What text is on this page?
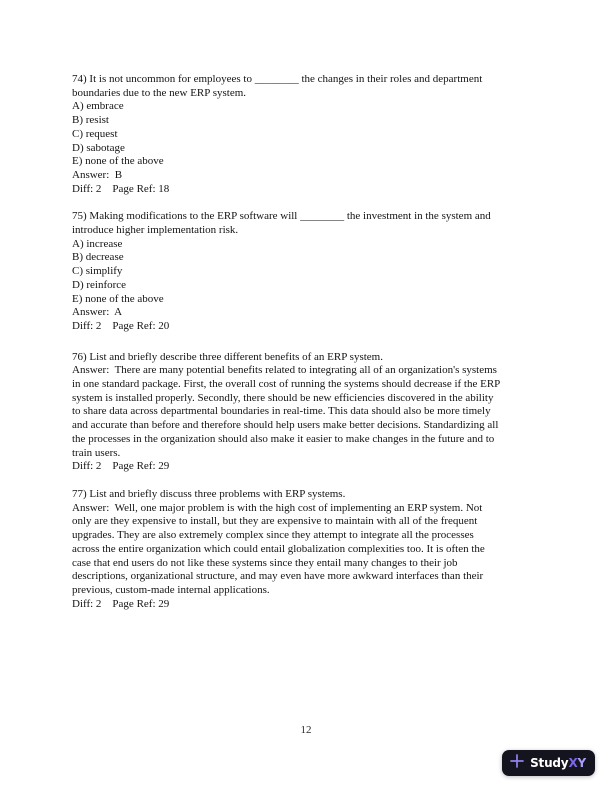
74) It is not uncommon for employees to ________ the changes in their roles and department
boundaries due to the new ERP system.
A) embrace
B) resist
C) request
D) sabotage
E) none of the above
Answer:  B
Diff: 2    Page Ref: 18
75) Making modifications to the ERP software will ________ the investment in the system and
introduce higher implementation risk.
A) increase
B) decrease
C) simplify
D) reinforce
E) none of the above
Answer:  A
Diff: 2    Page Ref: 20
76) List and briefly describe three different benefits of an ERP system.
Answer:  There are many potential benefits related to integrating all of an organization's systems
in one standard package. First, the overall cost of running the systems should decrease if the ERP
system is installed properly. Secondly, there should be new efficiencies discovered in the ability
to share data across departmental boundaries in real-time. This data should also be more timely
and accurate than before and therefore should help users make better decisions. Standardizing all
the processes in the organization should also make it easier to make changes in the future and to
train users.
Diff: 2    Page Ref: 29
77) List and briefly discuss three problems with ERP systems.
Answer:  Well, one major problem is with the high cost of implementing an ERP system. Not
only are they expensive to install, but they are expensive to maintain with all of the frequent
upgrades. They are also extremely complex since they attempt to integrate all the processes
across the entire organization which could entail globalization complexities too. It is often the
case that end users do not like these systems since they entail many changes to their job
descriptions, organizational structure, and may even have more awkward interfaces than their
previous, custom-made internal applications.
Diff: 2    Page Ref: 29
12
StudyXY
